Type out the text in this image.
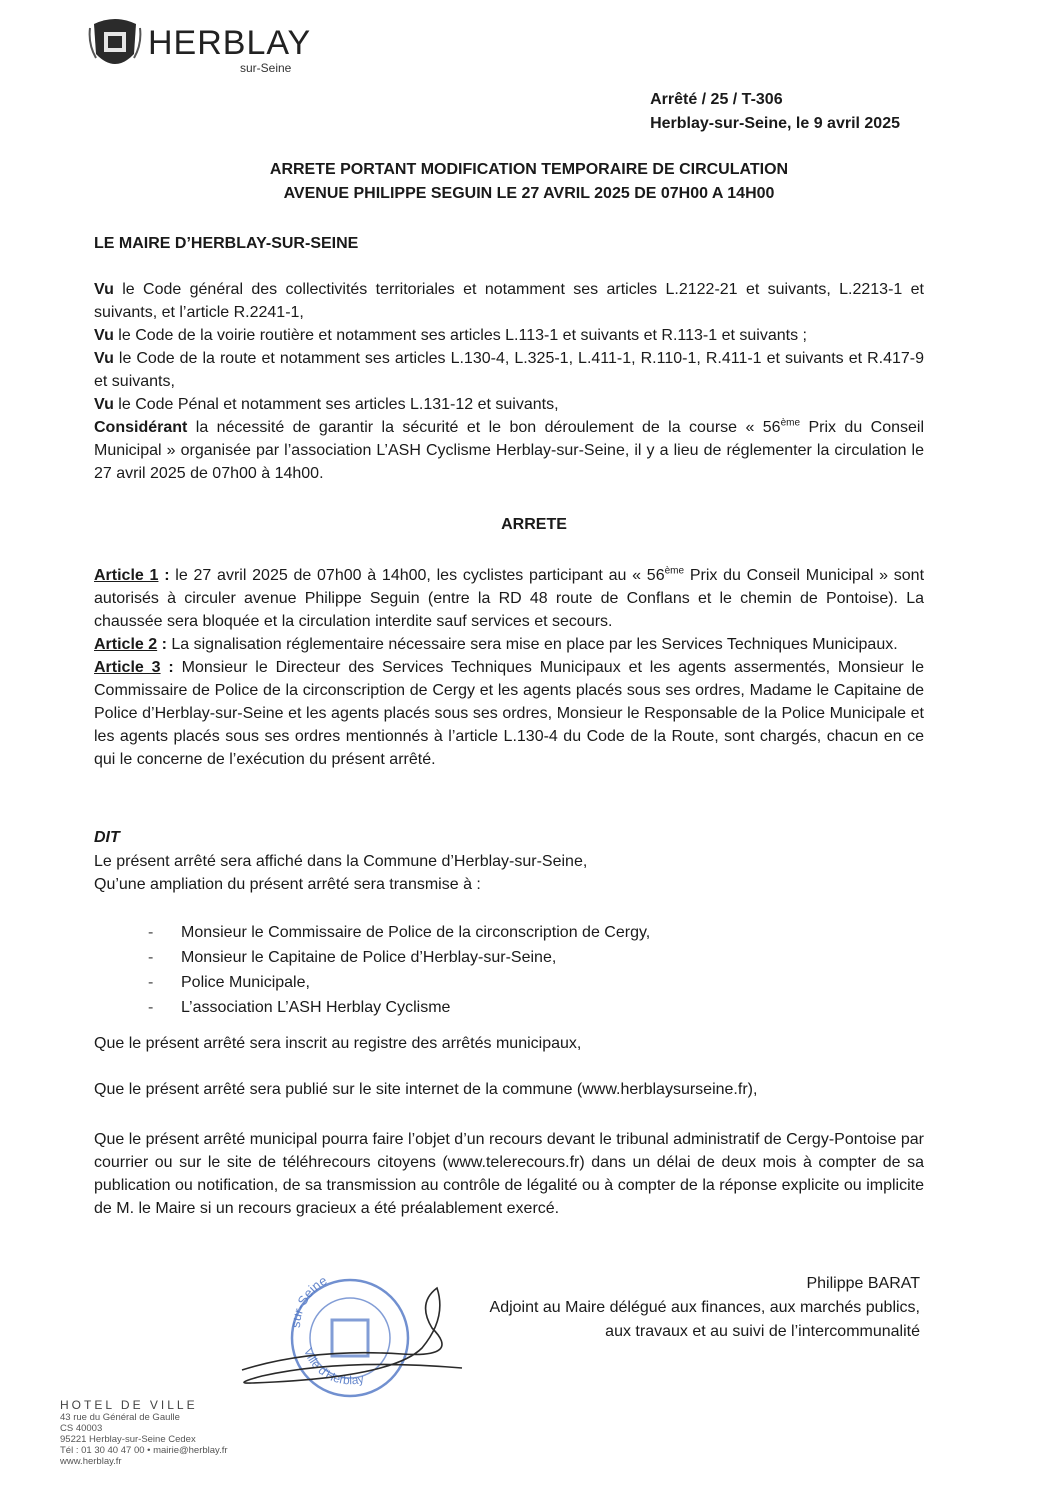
HERBLAY
sur-Seine
Arrêté / 25 / T-306
Herblay-sur-Seine, le 9 avril 2025
ARRETE PORTANT MODIFICATION TEMPORAIRE DE CIRCULATION
AVENUE PHILIPPE SEGUIN LE 27 AVRIL 2025 DE 07H00 A 14H00
LE MAIRE D’HERBLAY-SUR-SEINE

Vu le Code général des collectivités territoriales et notamment ses articles L.2122-21 et suivants, L.2213-1 et suivants, et l’article R.2241-1,

Vu le Code de la voirie routière et notamment ses articles L.113-1 et suivants et R.113-1 et suivants ;

Vu le Code de la route et notamment ses articles L.130-4, L.325-1, L.411-1, R.110-1, R.411-1 et suivants et R.417-9 et suivants,

Vu le Code Pénal et notamment ses articles L.131-12 et suivants,

Considérant la nécessité de garantir la sécurité et le bon déroulement de la course « 56ème Prix du Conseil Municipal » organisée par l’association L’ASH Cyclisme Herblay-sur-Seine, il y a lieu de réglementer la circulation le 27 avril 2025 de 07h00 à 14h00.

ARRETE

Article 1 : le 27 avril 2025 de 07h00 à 14h00, les cyclistes participant au « 56ème Prix du Conseil Municipal » sont autorisés à circuler avenue Philippe Seguin (entre la RD 48 route de Conflans et le chemin de Pontoise). La chaussée sera bloquée et la circulation interdite sauf services et secours.

Article 2 : La signalisation réglementaire nécessaire sera mise en place par les Services Techniques Municipaux.

Article 3 : Monsieur le Directeur des Services Techniques Municipaux et les agents assermentés, Monsieur le Commissaire de Police de la circonscription de Cergy et les agents placés sous ses ordres, Madame le Capitaine de Police d’Herblay-sur-Seine et les agents placés sous ses ordres, Monsieur le Responsable de la Police Municipale et les agents placés sous ses ordres mentionnés à l’article L.130-4 du Code de la Route, sont chargés, chacun en ce qui le concerne de l’exécution du présent arrêté.

DIT

Le présent arrêté sera affiché dans la Commune d’Herblay-sur-Seine,

Qu’une ampliation du présent arrêté sera transmise à :

- Monsieur le Commissaire de Police de la circonscription de Cergy,
- Monsieur le Capitaine de Police d’Herblay-sur-Seine,
- Police Municipale,
- L’association L’ASH Herblay Cyclisme
Que le présent arrêté sera inscrit au registre des arrêtés municipaux,
Que le présent arrêté sera publié sur le site internet de la commune (www.herblaysurseine.fr),
Que le présent arrêté municipal pourra faire l’objet d’un recours devant le tribunal administratif de Cergy-Pontoise par courrier ou sur le site de téléhrecours citoyens (www.telerecours.fr) dans un délai de deux mois à compter de sa publication ou notification, de sa transmission au contrôle de légalité ou à compter de la réponse explicite ou implicite de M. le Maire si un recours gracieux a été préalablement exercé.
sur-Seine
Ville d'Herblay
Philippe BARAT
Adjoint au Maire délégué aux finances, aux marchés publics,
aux travaux et au suivi de l’intercommunalité
HOTEL DE VILLE
43 rue du Général de Gaulle
CS 40003
95221 Herblay-sur-Seine Cedex
Tél : 01 30 40 47 00 • mairie@herblay.fr
www.herblay.fr
